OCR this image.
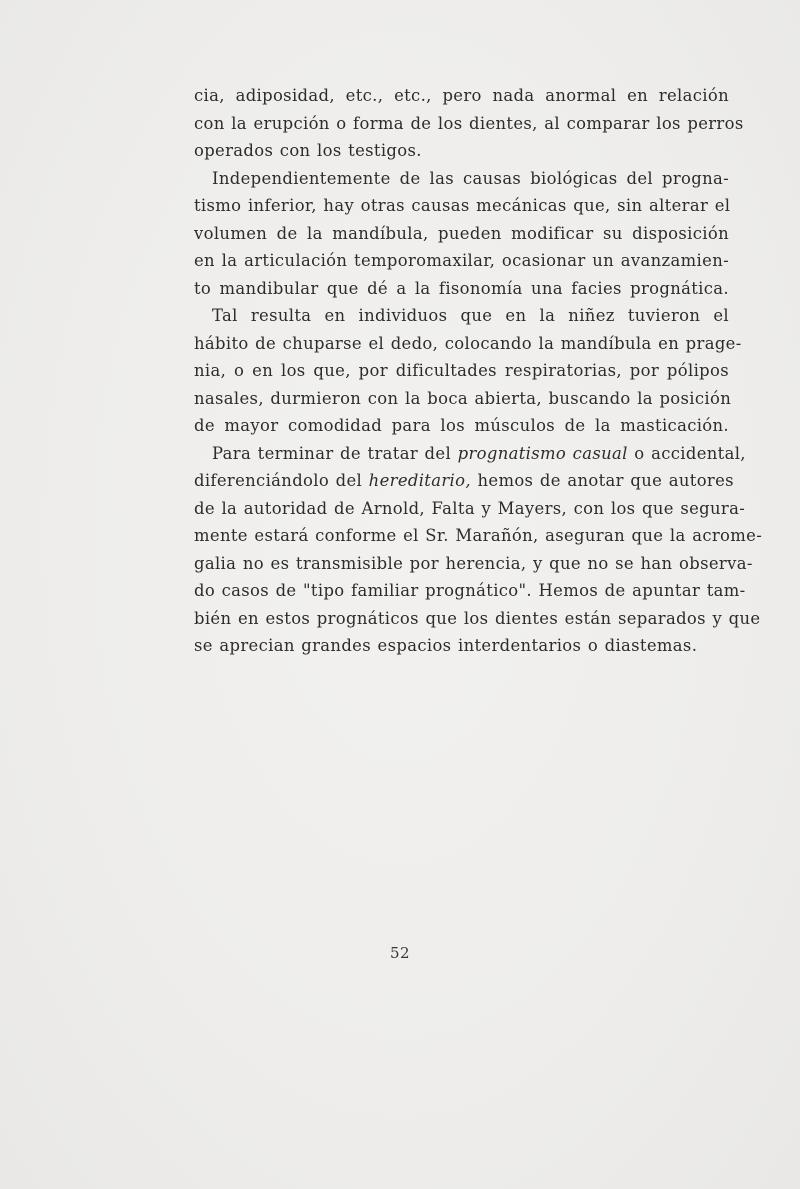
cia, adiposidad, etc., etc., pero nada anormal en relación
con la erupción o forma de los dientes, al comparar los perros
operados con los testigos.
Independientemente de las causas biológicas del progna-
tismo inferior, hay otras causas mecánicas que, sin alterar el
volumen de la mandíbula, pueden modificar su disposición
en la articulación temporomaxilar, ocasionar un avanzamien-
to mandibular que dé a la fisonomía una facies prognática.
Tal resulta en individuos que en la niñez tuvieron el
hábito de chuparse el dedo, colocando la mandíbula en prage-
nia, o en los que, por dificultades respiratorias, por pólipos
nasales, durmieron con la boca abierta, buscando la posición
de mayor comodidad para los músculos de la masticación.
Para terminar de tratar del prognatismo casual o accidental,
diferenciándolo del hereditario, hemos de anotar que autores
de la autoridad de Arnold, Falta y Mayers, con los que segura-
mente estará conforme el Sr. Marañón, aseguran que la acrome-
galia no es transmisible por herencia, y que no se han observa-
do casos de "tipo familiar prognático". Hemos de apuntar tam-
bién en estos prognáticos que los dientes están separados y que
se aprecian grandes espacios interdentarios o diastemas.
52
